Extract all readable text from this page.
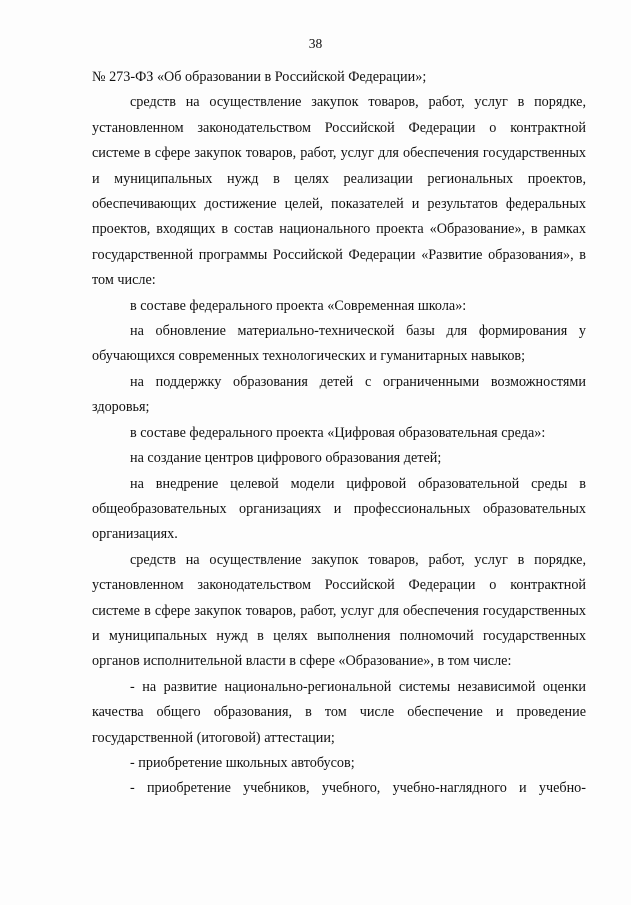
38

№ 273-ФЗ «Об образовании в Российской Федерации»;

средств на осуществление закупок товаров, работ, услуг в порядке, установленном законодательством Российской Федерации о контрактной системе в сфере закупок товаров, работ, услуг для обеспечения государственных и муниципальных нужд в целях реализации региональных проектов, обеспечивающих достижение целей, показателей и результатов федеральных проектов, входящих в состав национального проекта «Образование», в рамках государственной программы Российской Федерации «Развитие образования», в том числе:

в составе федерального проекта «Современная школа»:

на обновление материально-технической базы для формирования у обучающихся современных технологических и гуманитарных навыков;

на поддержку образования детей с ограниченными возможностями здоровья;

в составе федерального проекта «Цифровая образовательная среда»:

на создание центров цифрового образования детей;

на внедрение целевой модели цифровой образовательной среды в общеобразовательных организациях и профессиональных образовательных организациях.

средств на осуществление закупок товаров, работ, услуг в порядке, установленном законодательством Российской Федерации о контрактной системе в сфере закупок товаров, работ, услуг для обеспечения государственных и муниципальных нужд в целях выполнения полномочий государственных органов исполнительной власти в сфере «Образование», в том числе:

- на развитие национально-региональной системы независимой оценки качества общего образования, в том числе обеспечение и проведение государственной (итоговой) аттестации;

- приобретение школьных автобусов;

- приобретение учебников, учебного, учебно-наглядного и учебно-
